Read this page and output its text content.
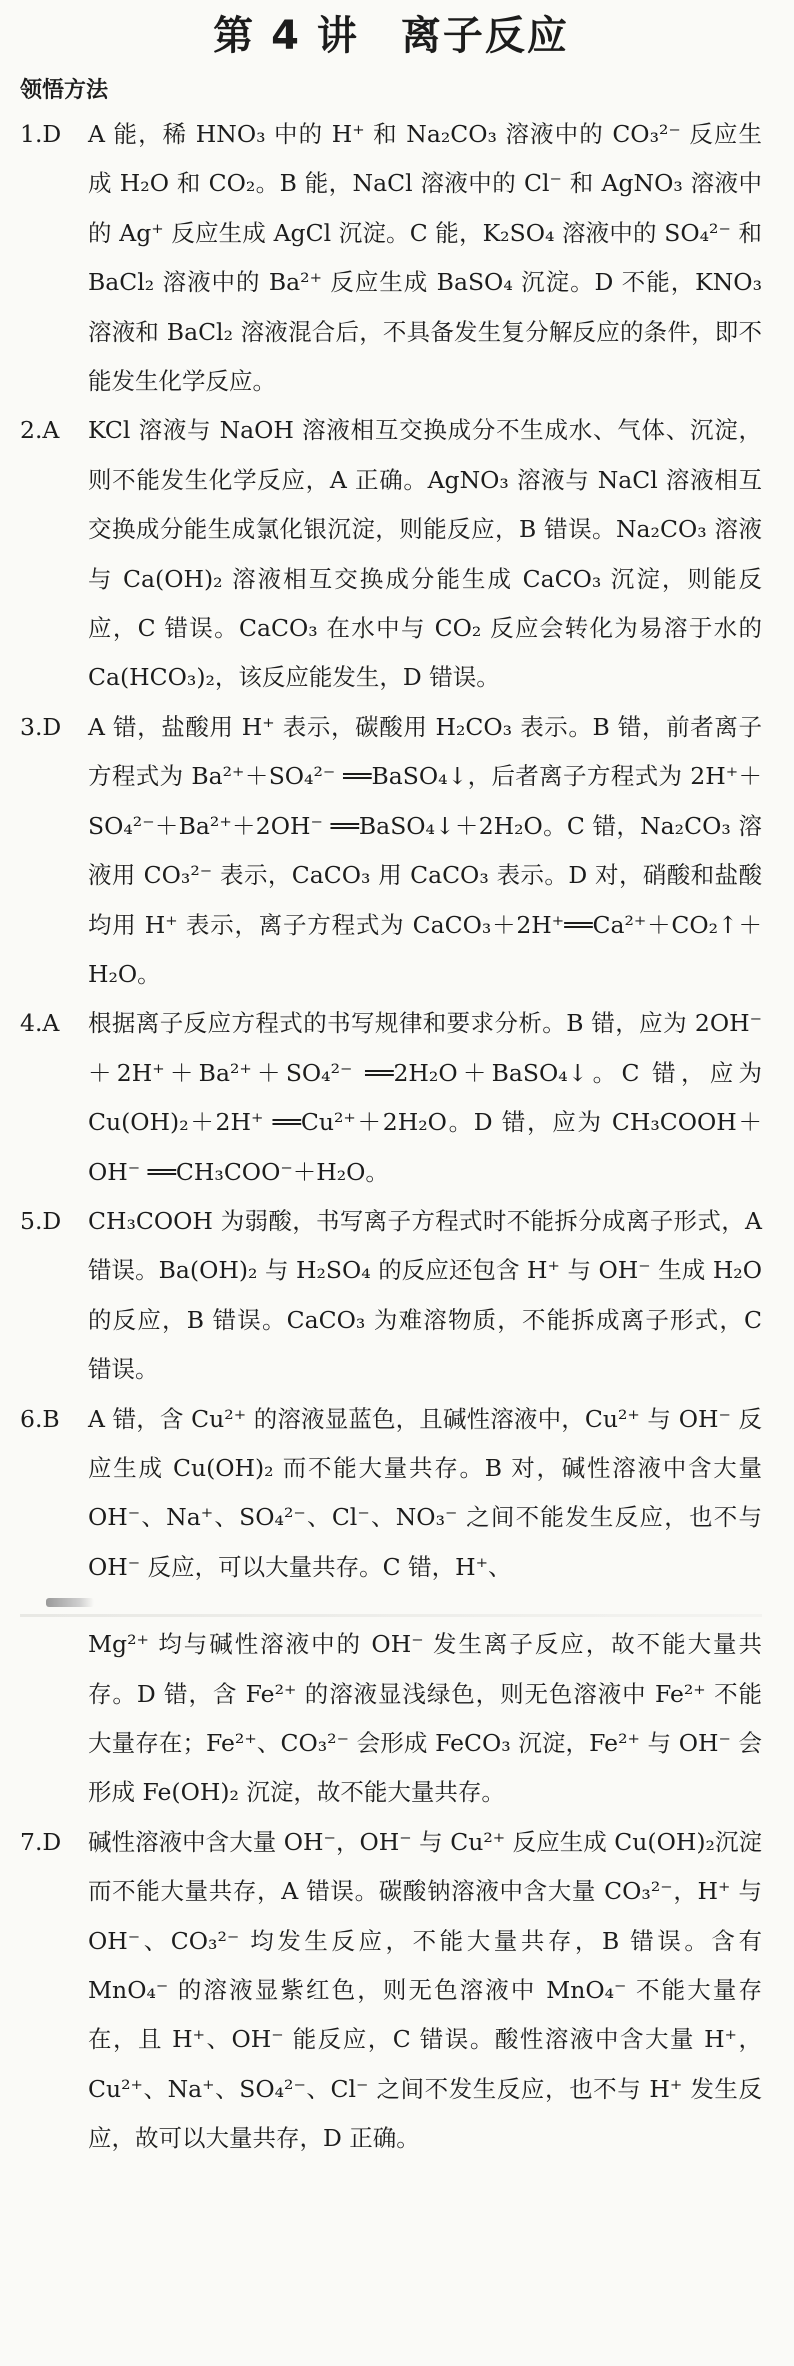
第 4 讲　离子反应
领悟方法
1.D	A 能，稀 HNO₃ 中的 H⁺ 和 Na₂CO₃ 溶液中的 CO₃²⁻ 反应生成 H₂O 和 CO₂。B 能，NaCl 溶液中的 Cl⁻ 和 AgNO₃ 溶液中的 Ag⁺ 反应生成 AgCl 沉淀。C 能，K₂SO₄ 溶液中的 SO₄²⁻ 和 BaCl₂ 溶液中的 Ba²⁺ 反应生成 BaSO₄ 沉淀。D 不能，KNO₃ 溶液和 BaCl₂ 溶液混合后，不具备发生复分解反应的条件，即不能发生化学反应。
2.A	KCl 溶液与 NaOH 溶液相互交换成分不生成水、气体、沉淀，则不能发生化学反应，A 正确。AgNO₃ 溶液与 NaCl 溶液相互交换成分能生成氯化银沉淀，则能反应，B 错误。Na₂CO₃ 溶液与 Ca(OH)₂ 溶液相互交换成分能生成 CaCO₃ 沉淀，则能反应，C 错误。CaCO₃ 在水中与 CO₂ 反应会转化为易溶于水的 Ca(HCO₃)₂，该反应能发生，D 错误。
3.D	A 错，盐酸用 H⁺ 表示，碳酸用 H₂CO₃ 表示。B 错，前者离子方程式为 Ba²⁺＋SO₄²⁻ ══BaSO₄↓，后者离子方程式为 2H⁺＋SO₄²⁻＋Ba²⁺＋2OH⁻ ══BaSO₄↓＋2H₂O。C 错，Na₂CO₃ 溶液用 CO₃²⁻ 表示，CaCO₃ 用 CaCO₃ 表示。D 对，硝酸和盐酸均用 H⁺ 表示，离子方程式为 CaCO₃＋2H⁺══Ca²⁺＋CO₂↑＋H₂O。
4.A	根据离子反应方程式的书写规律和要求分析。B 错，应为 2OH⁻＋2H⁺＋Ba²⁺＋SO₄²⁻ ══2H₂O＋BaSO₄↓。C 错，应为 Cu(OH)₂＋2H⁺ ══Cu²⁺＋2H₂O。D 错，应为 CH₃COOH＋OH⁻ ══CH₃COO⁻＋H₂O。
5.D	CH₃COOH 为弱酸，书写离子方程式时不能拆分成离子形式，A 错误。Ba(OH)₂ 与 H₂SO₄ 的反应还包含 H⁺ 与 OH⁻ 生成 H₂O 的反应，B 错误。CaCO₃ 为难溶物质，不能拆成离子形式，C 错误。
6.B	A 错，含 Cu²⁺ 的溶液显蓝色，且碱性溶液中，Cu²⁺ 与 OH⁻ 反应生成 Cu(OH)₂ 而不能大量共存。B 对，碱性溶液中含大量 OH⁻、Na⁺、SO₄²⁻、Cl⁻、NO₃⁻ 之间不能发生反应，也不与 OH⁻ 反应，可以大量共存。C 错，H⁺、
Mg²⁺ 均与碱性溶液中的 OH⁻ 发生离子反应，故不能大量共存。D 错，含 Fe²⁺ 的溶液显浅绿色，则无色溶液中 Fe²⁺ 不能大量存在；Fe²⁺、CO₃²⁻ 会形成 FeCO₃ 沉淀，Fe²⁺ 与 OH⁻ 会形成 Fe(OH)₂ 沉淀，故不能大量共存。
7.D	碱性溶液中含大量 OH⁻，OH⁻ 与 Cu²⁺ 反应生成 Cu(OH)₂沉淀而不能大量共存，A 错误。碳酸钠溶液中含大量 CO₃²⁻，H⁺ 与 OH⁻、CO₃²⁻ 均发生反应，不能大量共存，B 错误。含有 MnO₄⁻ 的溶液显紫红色，则无色溶液中 MnO₄⁻ 不能大量存在，且 H⁺、OH⁻ 能反应，C 错误。酸性溶液中含大量 H⁺，Cu²⁺、Na⁺、SO₄²⁻、Cl⁻ 之间不发生反应，也不与 H⁺ 发生反应，故可以大量共存，D 正确。
